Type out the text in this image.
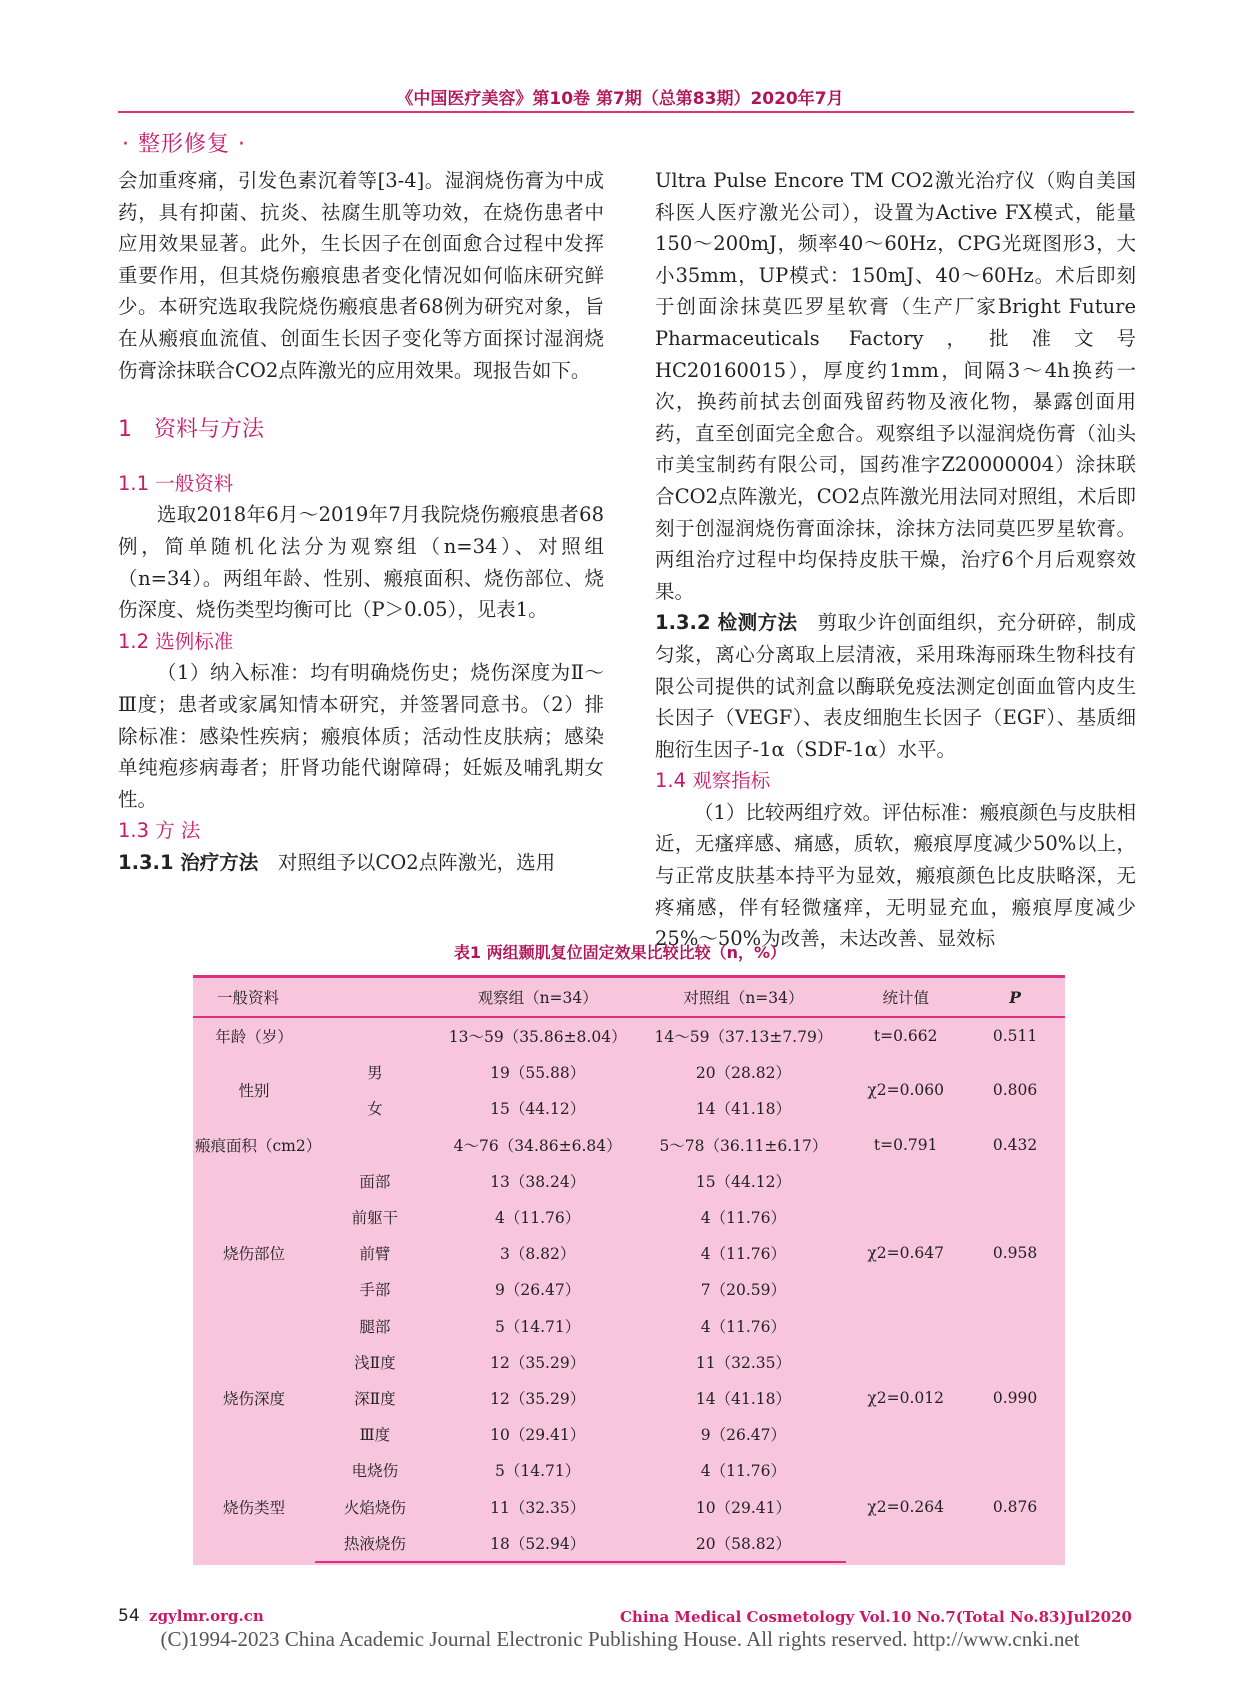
《中国医疗美容》第10卷 第7期（总第83期）2020年7月
· 整形修复 ·

会加重疼痛，引发色素沉着等[3-4]。湿润烧伤膏为中成药，具有抑菌、抗炎、祛腐生肌等功效，在烧伤患者中应用效果显著。此外，生长因子在创面愈合过程中发挥重要作用，但其烧伤瘢痕患者变化情况如何临床研究鲜少。本研究选取我院烧伤瘢痕患者68例为研究对象，旨在从瘢痕血流值、创面生长因子变化等方面探讨湿润烧伤膏涂抹联合CO2点阵激光的应用效果。现报告如下。

1　资料与方法

1.1 一般资料

选取2018年6月～2019年7月我院烧伤瘢痕患者68例，简单随机化法分为观察组（n=34）、对照组（n=34）。两组年龄、性别、瘢痕面积、烧伤部位、烧伤深度、烧伤类型均衡可比（P＞0.05），见表1。

1.2 选例标准

（1）纳入标准：均有明确烧伤史；烧伤深度为Ⅱ～Ⅲ度；患者或家属知情本研究，并签署同意书。（2）排除标准：感染性疾病；瘢痕体质；活动性皮肤病；感染单纯疱疹病毒者；肝肾功能代谢障碍；妊娠及哺乳期女性。

1.3 方 法

1.3.1 治疗方法　 对照组予以CO2点阵激光，选用

Ultra Pulse Encore TM CO2激光治疗仪（购自美国科医人医疗激光公司），设置为Active FX模式，能量150～200mJ，频率40～60Hz，CPG光斑图形3，大小35mm，UP模式：150mJ、40～60Hz。术后即刻于创面涂抹莫匹罗星软膏（生产厂家Bright Future Pharmaceuticals Factory，批准文号HC20160015），厚度约1mm，间隔3～4h换药一次，换药前拭去创面残留药物及液化物，暴露创面用药，直至创面完全愈合。观察组予以湿润烧伤膏（汕头市美宝制药有限公司，国药准字Z20000004）涂抹联合CO2点阵激光，CO2点阵激光用法同对照组，术后即刻于创湿润烧伤膏面涂抹，涂抹方法同莫匹罗星软膏。两组治疗过程中均保持皮肤干燥，治疗6个月后观察效果。

1.3.2 检测方法　 剪取少许创面组织，充分研碎，制成匀浆，离心分离取上层清液，采用珠海丽珠生物科技有限公司提供的试剂盒以酶联免疫法测定创面血管内皮生长因子（VEGF）、表皮细胞生长因子（EGF）、基质细胞衍生因子-1α（SDF-1α）水平。

1.4 观察指标

（1）比较两组疗效。评估标准：瘢痕颜色与皮肤相近，无瘙痒感、痛感，质软，瘢痕厚度减少50%以上，与正常皮肤基本持平为显效，瘢痕颜色比皮肤略深，无疼痛感，伴有轻微瘙痒，无明显充血，瘢痕厚度减少25%～50%为改善，未达改善、显效标

表1 两组颞肌复位固定效果比较比较（n，%）
一般资料		观察组（n=34）	对照组（n=34）	统计值	P
年龄（岁）		13～59（35.86±8.04）	14～59（37.13±7.79）	t=0.662	0.511
性别	男	19（55.88）	20（28.82）	χ2=0.060	0.806
	女	15（44.12）	14（41.18）		
瘢痕面积（cm2）		4～76（34.86±6.84）	5～78（36.11±6.17）	t=0.791	0.432
烧伤部位	面部	13（38.24）	15（44.12）	χ2=0.647	0.958
	前躯干	4（11.76）	4（11.76）		
	前臂	3（8.82）	4（11.76）		
	手部	9（26.47）	7（20.59）		
	腿部	5（14.71）	4（11.76）		
烧伤深度	浅Ⅱ度	12（35.29）	11（32.35）	χ2=0.012	0.990
	深Ⅱ度	12（35.29）	14（41.18）		
	Ⅲ度	10（29.41）	9（26.47）		
烧伤类型	电烧伤	5（14.71）	4（11.76）	χ2=0.264	0.876
	火焰烧伤	11（32.35）	10（29.41）		
	热液烧伤	18（52.94）	20（58.82）		
54 zgylmr.org.cn	China Medical Cosmetology Vol.10 No.7(Total No.83)Jul2020
(C)1994-2023 China Academic Journal Electronic Publishing House. All rights reserved. http://www.cnki.net
